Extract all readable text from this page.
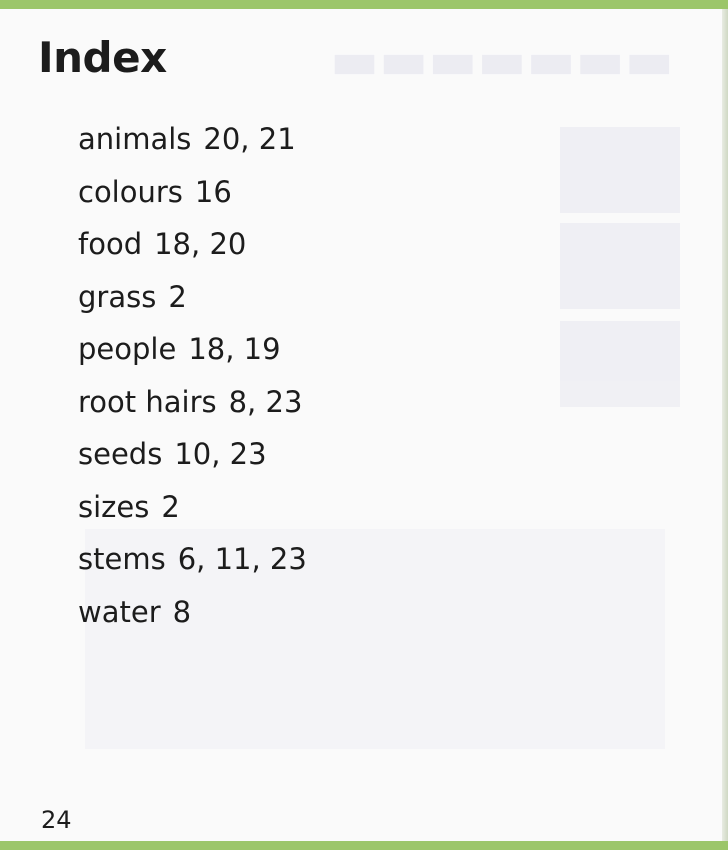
▬▬▬▬▬▬▬
Index
animals 20, 21
colours 16
food 18, 20
grass 2
people 18, 19
root hairs 8, 23
seeds 10, 23
sizes 2
stems 6, 11, 23
water 8
24
